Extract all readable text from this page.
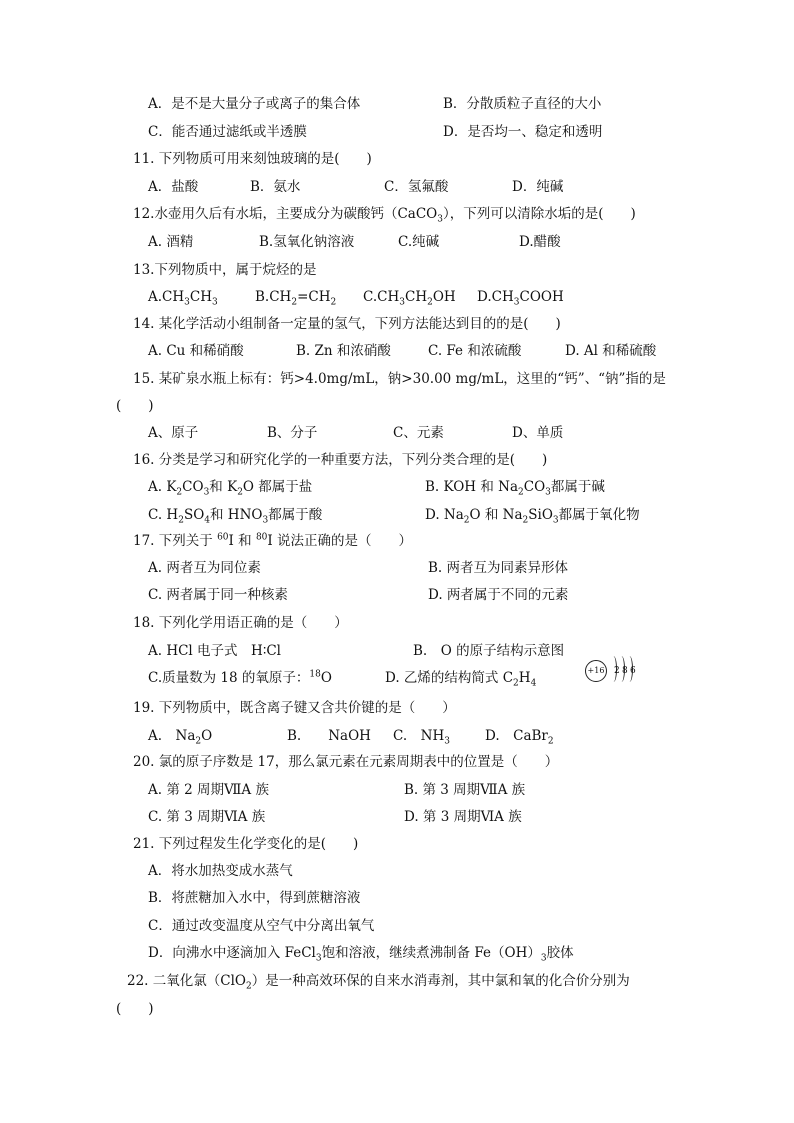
A．是不是大量分子或离子的集合体	B．分散质粒子直径的大小
C．能否通过滤纸或半透膜	D．是否均一、稳定和透明
11. 下列物质可用来刻蚀玻璃的是(　　)
A．盐酸	B．氨水	C．氢氟酸	D．纯碱
12.水壶用久后有水垢，主要成分为碳酸钙（CaCO$_3$），下列可以清除水垢的是(　　)
A. 酒精	B.氢氧化钠溶液	C.纯碱	D.醋酸
13.下列物质中，属于烷烃的是
$A.CH_3CH_3$	$B.CH_2=CH_2$ $C.CH_3CH_2OH$ $D.CH_3COOH$
14. 某化学活动小组制备一定量的氢气，下列方法能达到目的的是(　　)
A. Cu 和稀硝酸	B. Zn 和浓硝酸	C. Fe 和浓硫酸	D. Al 和稀硫酸
15. 某矿泉水瓶上标有：钙>4.0mg/mL，钠>30.00 mg/mL，这里的“钙”、“钠”指的是
(　　)
A、原子	B、分子	C、元素	D、单质
16. 分类是学习和研究化学的一种重要方法，下列分类合理的是(　　)
A. $K_2CO_3$和 $K_2O$ 都属于盐	B. KOH 和 $Na_2CO_3$都属于碱
C. $H_2SO_4$和 $HNO_3$都属于酸	D. $Na_2O$ 和 $Na_2SiO_3$都属于氧化物
17. 下列关于 $^{60}$I 和 $^{80}$I 说法正确的是（　　）
A. 两者互为同位素	B. 两者互为同素异形体
C. 两者属于同一种核素	D. 两者属于不同的元素
18. 下列化学用语正确的是（　　）
A. HCl 电子式　H∶Cl	B.　O 的原子结构示意图
C.质量数为 18 的氧原子：$^{18}$O	D. 乙烯的结构简式 $C_2H_4$
19. 下列物质中，既含离子键又含共价键的是（　　）
A.　$Na_2O$	B.　　NaOH C.　$NH_3$	D.　CaBr$_2$
20. 氯的原子序数是 17，那么氯元素在元素周期表中的位置是（　　）
A. 第 2 周期ⅦA 族	B. 第 3 周期ⅦA 族
C. 第 3 周期ⅥA 族	D. 第 3 周期ⅥA 族
21. 下列过程发生化学变化的是(　　)
A．将水加热变成水蒸气
B．将蔗糖加入水中，得到蔗糖溶液
C．通过改变温度从空气中分离出氧气
D．向沸水中逐滴加入 FeCl$_3$饱和溶液，继续煮沸制备 $Fe(OH)_3$胶体
22. 二氧化氯（ClO$_2$）是一种高效环保的自来水消毒剂，其中氯和氧的化合价分别为
(　　)
+16 2 8 6
